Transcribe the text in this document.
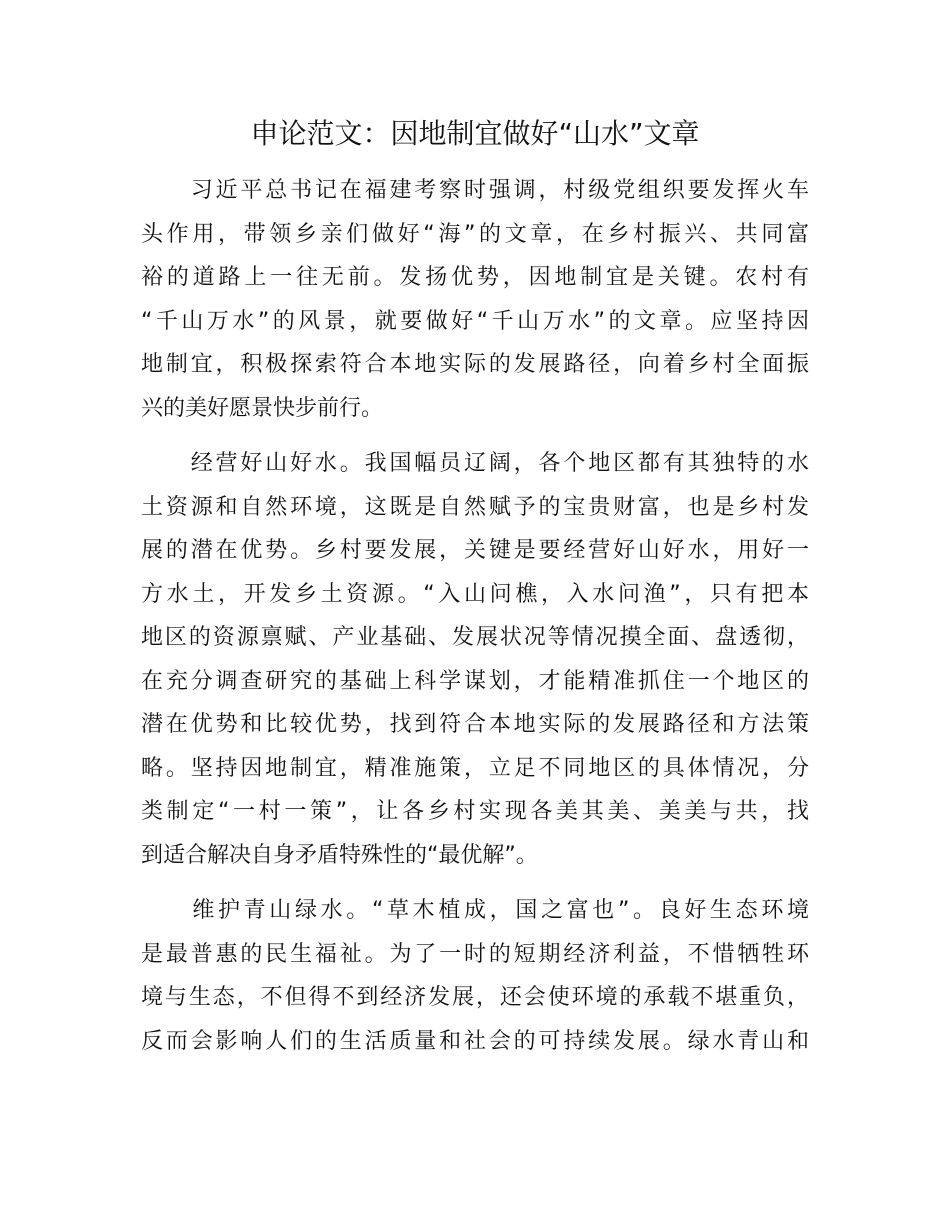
申论范文：因地制宜做好“山水”文章
　　习近平总书记在福建考察时强调，村级党组织要发挥火车
头作用，带领乡亲们做好“海”的文章，在乡村振兴、共同富
裕的道路上一往无前。发扬优势，因地制宜是关键。农村有
“千山万水”的风景，就要做好“千山万水”的文章。应坚持因
地制宜，积极探索符合本地实际的发展路径，向着乡村全面振
兴的美好愿景快步前行。
　　经营好山好水。我国幅员辽阔，各个地区都有其独特的水
土资源和自然环境，这既是自然赋予的宝贵财富，也是乡村发
展的潜在优势。乡村要发展，关键是要经营好山好水，用好一
方水土，开发乡土资源。“入山问樵，入水问渔”，只有把本
地区的资源禀赋、产业基础、发展状况等情况摸全面、盘透彻，
在充分调查研究的基础上科学谋划，才能精准抓住一个地区的
潜在优势和比较优势，找到符合本地实际的发展路径和方法策
略。坚持因地制宜，精准施策，立足不同地区的具体情况，分
类制定“一村一策”，让各乡村实现各美其美、美美与共，找
到适合解决自身矛盾特殊性的“最优解”。
　　维护青山绿水。“草木植成，国之富也”。良好生态环境
是最普惠的民生福祉。为了一时的短期经济利益，不惜牺牲环
境与生态，不但得不到经济发展，还会使环境的承载不堪重负，
反而会影响人们的生活质量和社会的可持续发展。绿水青山和
